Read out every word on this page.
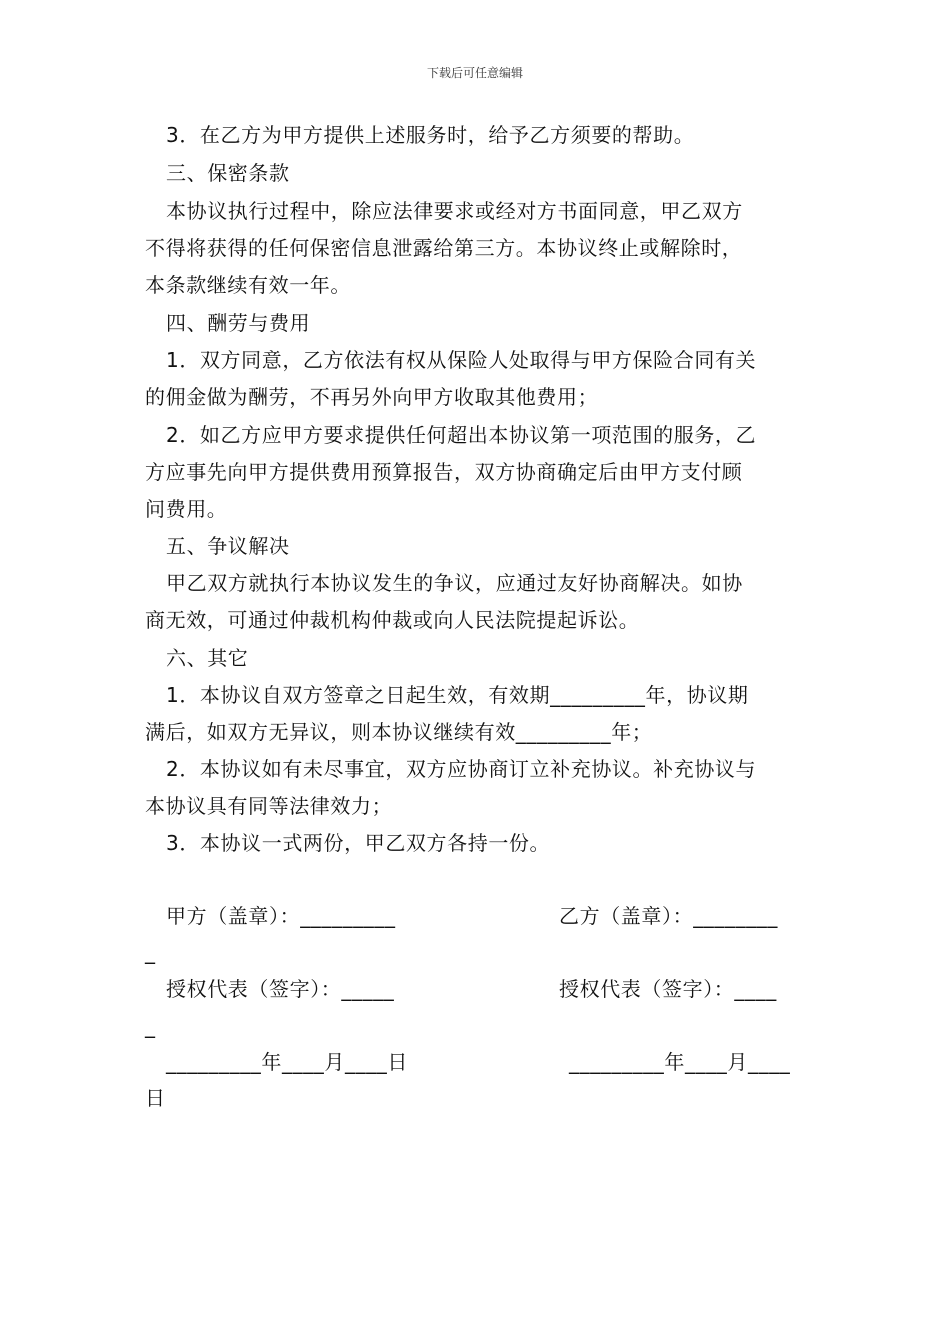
下载后可任意编辑
3．在乙方为甲方提供上述服务时，给予乙方须要的帮助。
三、保密条款
本协议执行过程中，除应法律要求或经对方书面同意，甲乙双方
不得将获得的任何保密信息泄露给第三方。本协议终止或解除时，
本条款继续有效一年。
四、酬劳与费用
1．双方同意，乙方依法有权从保险人处取得与甲方保险合同有关
的佣金做为酬劳，不再另外向甲方收取其他费用；
2．如乙方应甲方要求提供任何超出本协议第一项范围的服务，乙
方应事先向甲方提供费用预算报告，双方协商确定后由甲方支付顾
问费用。
五、争议解决
甲乙双方就执行本协议发生的争议，应通过友好协商解决。如协
商无效，可通过仲裁机构仲裁或向人民法院提起诉讼。
六、其它
1．本协议自双方签章之日起生效，有效期_________年，协议期
满后，如双方无异议，则本协议继续有效_________年；
2．本协议如有未尽事宜，双方应协商订立补充协议。补充协议与
本协议具有同等法律效力；
3．本协议一式两份，甲乙双方各持一份。
甲方（盖章）：_________	乙方（盖章）：________
_
授权代表（签字）：_____	授权代表（签字）：____
_
_________年____月____日	_________年____月____
日
